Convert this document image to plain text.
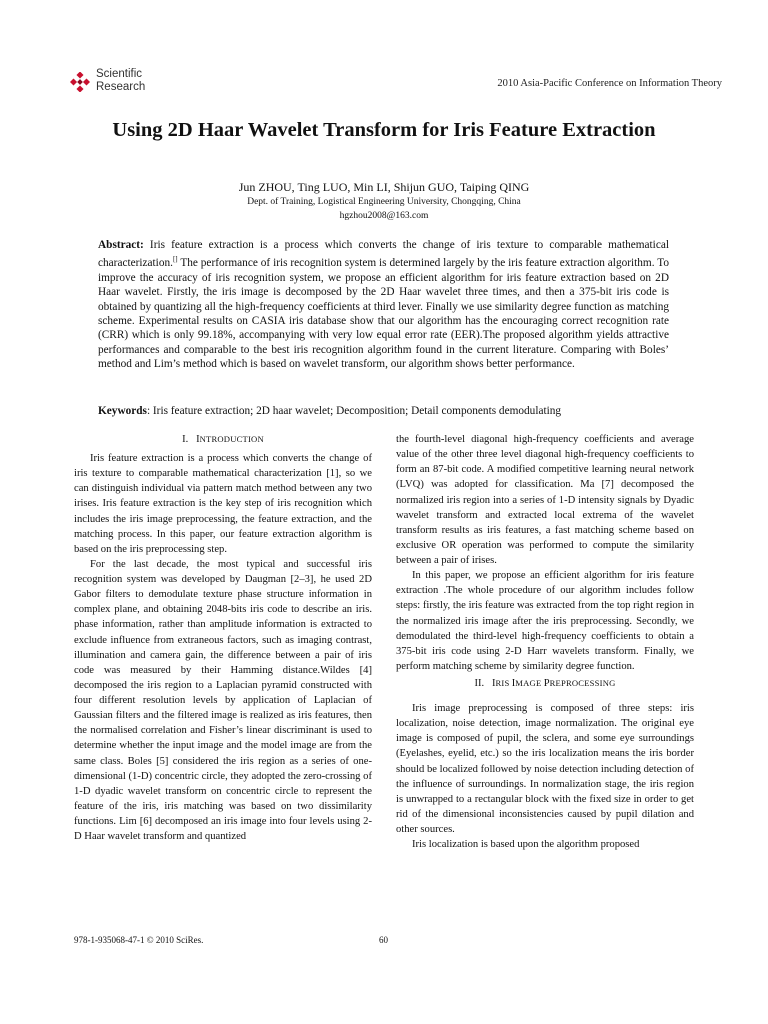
Scientific
Research	2010 Asia-Pacific Conference on Information Theory
Using 2D Haar Wavelet Transform for Iris Feature Extraction
Jun ZHOU, Ting LUO, Min LI, Shijun GUO, Taiping QING
Dept. of Training, Logistical Engineering University, Chongqing, China
hgzhou2008@163.com
Abstract: Iris feature extraction is a process which converts the change of iris texture to comparable mathematical characterization.[] The performance of iris recognition system is determined largely by the iris feature extraction algorithm. To improve the accuracy of iris recognition system, we propose an efficient algorithm for iris feature extraction based on 2D Haar wavelet. Firstly, the iris image is decomposed by the 2D Haar wavelet three times, and then a 375-bit iris code is obtained by quantizing all the high-frequency coefficients at third lever. Finally we use similarity degree function as matching scheme. Experimental results on CASIA iris database show that our algorithm has the encouraging correct recognition rate (CRR) which is only 99.18%, accompanying with very low equal error rate (EER).The proposed algorithm yields attractive performances and comparable to the best iris recognition algorithm found in the current literature. Comparing with Boles’ method and Lim’s method which is based on wavelet transform, our algorithm shows better performance.
Keywords: Iris feature extraction; 2D haar wavelet; Decomposition; Detail components demodulating
I. INTRODUCTION

Iris feature extraction is a process which converts the change of iris texture to comparable mathematical characterization [1], so we can distinguish individual via pattern match method between any two irises. Iris feature extraction is the key step of iris recognition which includes the iris image preprocessing, the feature extraction, and the matching process. In this paper, our feature extraction algorithm is based on the iris preprocessing step.

For the last decade, the most typical and successful iris recognition system was developed by Daugman [2–3], he used 2D Gabor filters to demodulate texture phase structure information in complex plane, and obtaining 2048-bits iris code to describe an iris. phase information, rather than amplitude information is extracted to exclude influence from extraneous factors, such as imaging contrast, illumination and camera gain, the difference between a pair of iris code was measured by their Hamming distance.Wildes [4] decomposed the iris region to a Laplacian pyramid constructed with four different resolution levels by application of Laplacian of Gaussian filters and the filtered image is realized as iris features, then the normalised correlation and Fisher’s linear discriminant is used to determine whether the input image and the model image are from the same class. Boles [5] considered the iris region as a series of one-dimensional (1-D) concentric circle, they adopted the zero-crossing of 1-D dyadic wavelet transform on concentric circle to represent the feature of the iris, iris matching was based on two dissimilarity functions. Lim [6] decomposed an iris image into four levels using 2-D Haar wavelet transform and quantized

the fourth-level diagonal high-frequency coefficients and average value of the other three level diagonal high-frequency coefficients to form an 87-bit code. A modified competitive learning neural network (LVQ) was adopted for classification. Ma [7] decomposed the normalized iris region into a series of 1-D intensity signals by Dyadic wavelet transform and extracted local extrema of the wavelet transform results as iris features, a fast matching scheme based on exclusive OR operation was performed to compute the similarity between a pair of irises.

In this paper, we propose an efficient algorithm for iris feature extraction .The whole procedure of our algorithm includes follow steps: firstly, the iris feature was extracted from the top right region in the normalized iris image after the iris preprocessing. Secondly, we demodulated the third-level high-frequency coefficients to obtain a 375-bit iris code using 2-D Harr wavelets transform. Finally, we perform matching scheme by similarity degree function.

II. IRIS IMAGE PREPROCESSING

Iris image preprocessing is composed of three steps: iris localization, noise detection, image normalization. The original eye image is composed of pupil, the sclera, and some eye surroundings (Eyelashes, eyelid, etc.) so the iris localization means the iris border should be localized followed by noise detection including detection of the influence of surroundings. In normalization stage, the iris region is unwrapped to a rectangular block with the fixed size in order to get rid of the dimensional inconsistencies caused by pupil dilation and other sources.

Iris localization is based upon the algorithm proposed

978-1-935068-47-1 © 2010 SciRes.	60
